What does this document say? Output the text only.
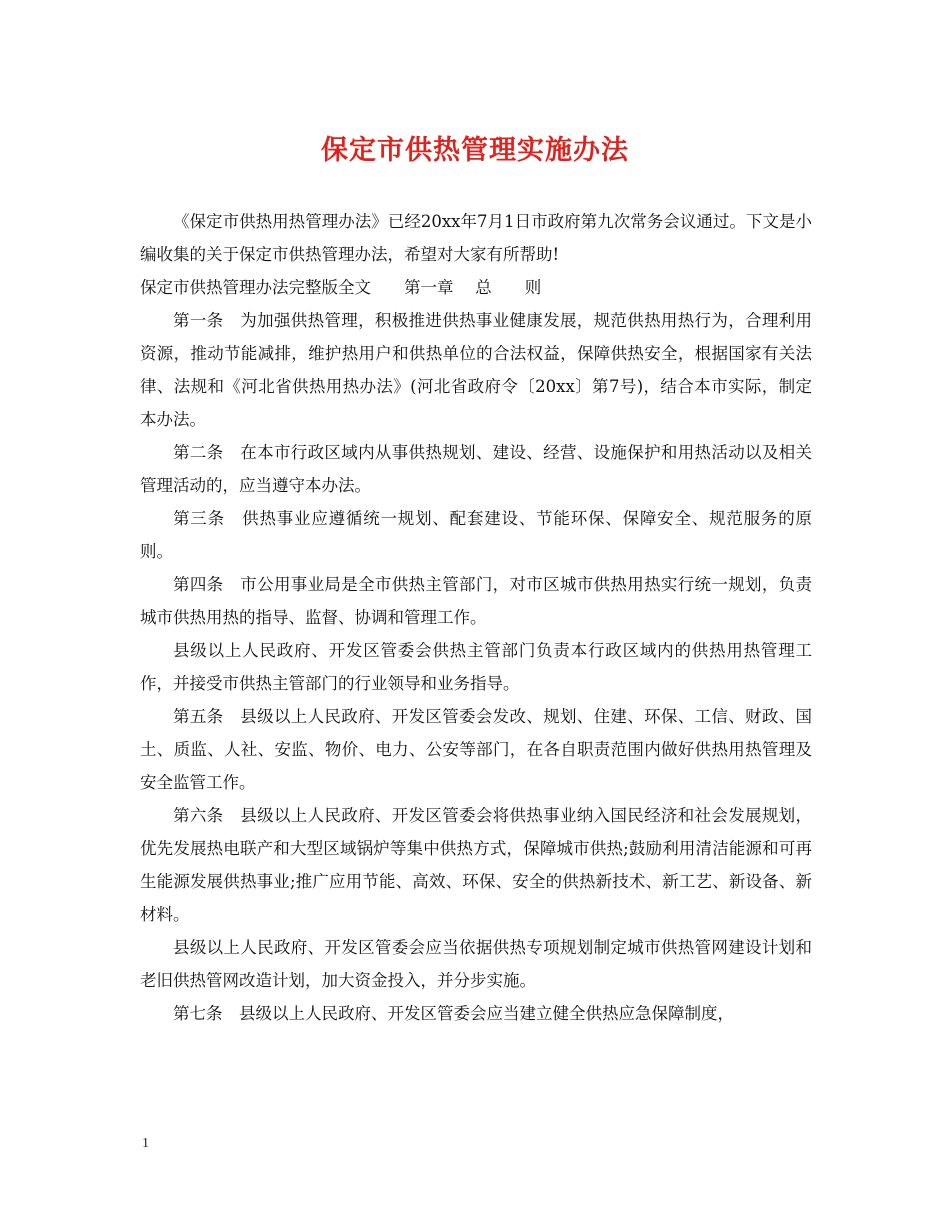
保定市供热管理实施办法

《保定市供热用热管理办法》已经20xx年7月1日市政府第九次常务会议通过。下文是小编收集的关于保定市供热管理办法，希望对大家有所帮助!

保定市供热管理办法完整版全文　　第一章　 总　　则

第一条　为加强供热管理，积极推进供热事业健康发展，规范供热用热行为，合理利用资源，推动节能减排，维护热用户和供热单位的合法权益，保障供热安全，根据国家有关法律、法规和《河北省供热用热办法》(河北省政府令〔20xx〕第7号)，结合本市实际，制定本办法。

第二条　在本市行政区域内从事供热规划、建设、经营、设施保护和用热活动以及相关管理活动的，应当遵守本办法。

第三条　供热事业应遵循统一规划、配套建设、节能环保、保障安全、规范服务的原则。

第四条　市公用事业局是全市供热主管部门，对市区城市供热用热实行统一规划，负责城市供热用热的指导、监督、协调和管理工作。

县级以上人民政府、开发区管委会供热主管部门负责本行政区域内的供热用热管理工作，并接受市供热主管部门的行业领导和业务指导。

第五条　县级以上人民政府、开发区管委会发改、规划、住建、环保、工信、财政、国土、质监、人社、安监、物价、电力、公安等部门，在各自职责范围内做好供热用热管理及安全监管工作。

第六条　县级以上人民政府、开发区管委会将供热事业纳入国民经济和社会发展规划，优先发展热电联产和大型区域锅炉等集中供热方式，保障城市供热;鼓励利用清洁能源和可再生能源发展供热事业;推广应用节能、高效、环保、安全的供热新技术、新工艺、新设备、新材料。

县级以上人民政府、开发区管委会应当依据供热专项规划制定城市供热管网建设计划和老旧供热管网改造计划，加大资金投入，并分步实施。

第七条　县级以上人民政府、开发区管委会应当建立健全供热应急保障制度，

1
